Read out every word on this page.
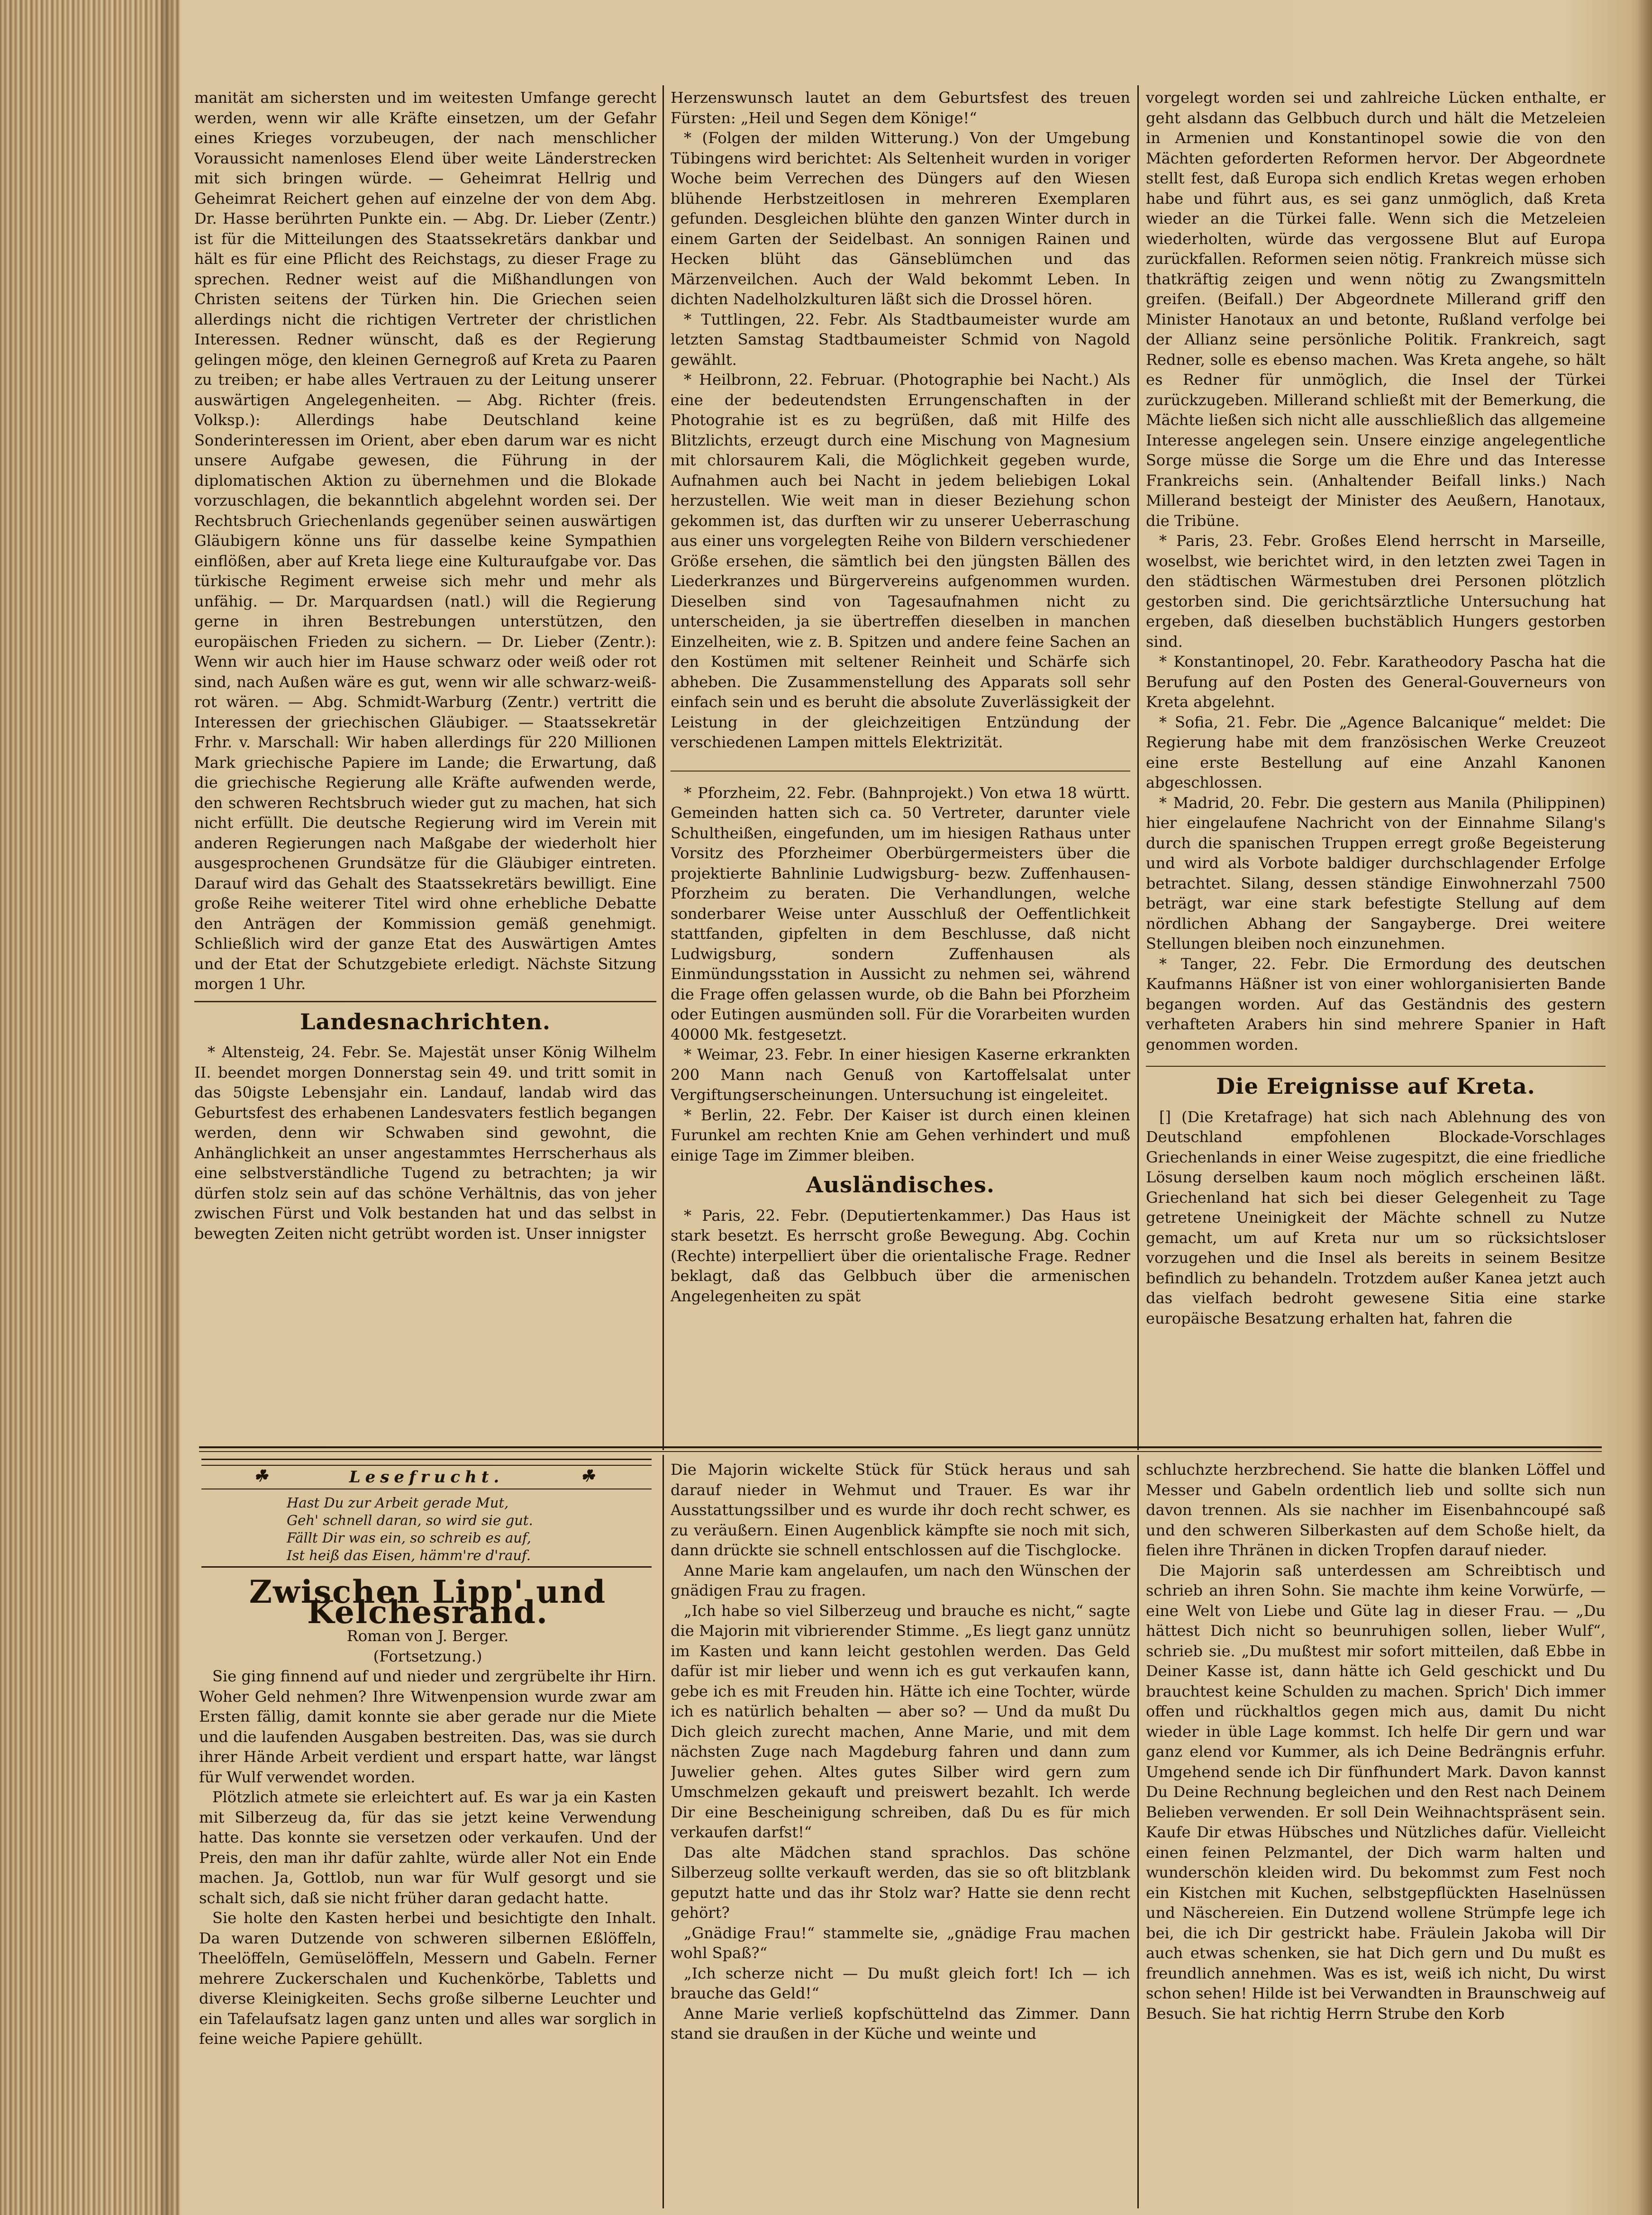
manität am sichersten und im weitesten Umfange gerecht werden, wenn wir alle Kräfte einsetzen, um der Gefahr eines Krieges vorzubeugen, der nach menschlicher Voraussicht namenloses Elend über weite Länderstrecken mit sich bringen würde. — Geheimrat Hellrig und Geheimrat Reichert gehen auf einzelne der von dem Abg. Dr. Hasse berührten Punkte ein. — Abg. Dr. Lieber (Zentr.) ist für die Mitteilungen des Staatssekretärs dankbar und hält es für eine Pflicht des Reichstags, zu dieser Frage zu sprechen. Redner weist auf die Mißhandlungen von Christen seitens der Türken hin. Die Griechen seien allerdings nicht die richtigen Vertreter der christlichen Interessen. Redner wünscht, daß es der Regierung gelingen möge, den kleinen Gernegroß auf Kreta zu Paaren zu treiben; er habe alles Vertrauen zu der Leitung unserer auswärtigen Angelegenheiten. — Abg. Richter (freis. Volksp.): Allerdings habe Deutschland keine Sonderinteressen im Orient, aber eben darum war es nicht unsere Aufgabe gewesen, die Führung in der diplomatischen Aktion zu übernehmen und die Blokade vorzuschlagen, die bekanntlich abgelehnt worden sei. Der Rechtsbruch Griechenlands gegenüber seinen auswärtigen Gläubigern könne uns für dasselbe keine Sympathien einflößen, aber auf Kreta liege eine Kulturaufgabe vor. Das türkische Regiment erweise sich mehr und mehr als unfähig. — Dr. Marquardsen (natl.) will die Regierung gerne in ihren Bestrebungen unterstützen, den europäischen Frieden zu sichern. — Dr. Lieber (Zentr.): Wenn wir auch hier im Hause schwarz oder weiß oder rot sind, nach Außen wäre es gut, wenn wir alle schwarz-weiß-rot wären. — Abg. Schmidt-Warburg (Zentr.) vertritt die Interessen der griechischen Gläubiger. — Staatssekretär Frhr. v. Marschall: Wir haben allerdings für 220 Millionen Mark griechische Papiere im Lande; die Erwartung, daß die griechische Regierung alle Kräfte aufwenden werde, den schweren Rechtsbruch wieder gut zu machen, hat sich nicht erfüllt. Die deutsche Regierung wird im Verein mit anderen Regierungen nach Maßgabe der wiederholt hier ausgesprochenen Grundsätze für die Gläubiger eintreten. Darauf wird das Gehalt des Staatssekretärs bewilligt. Eine große Reihe weiterer Titel wird ohne erhebliche Debatte den Anträgen der Kommission gemäß genehmigt. Schließlich wird der ganze Etat des Auswärtigen Amtes und der Etat der Schutzgebiete erledigt. Nächste Sitzung morgen 1 Uhr.

Landesnachrichten.

* Altensteig, 24. Febr. Se. Majestät unser König Wilhelm II. beendet morgen Donnerstag sein 49. und tritt somit in das 50igste Lebensjahr ein. Landauf, landab wird das Geburtsfest des erhabenen Landesvaters festlich begangen werden, denn wir Schwaben sind gewohnt, die Anhänglichkeit an unser angestammtes Herrscherhaus als eine selbstverständliche Tugend zu betrachten; ja wir dürfen stolz sein auf das schöne Verhältnis, das von jeher zwischen Fürst und Volk bestanden hat und das selbst in bewegten Zeiten nicht getrübt worden ist. Unser innigster

Herzenswunsch lautet an dem Geburtsfest des treuen Fürsten: „Heil und Segen dem Könige!“

* (Folgen der milden Witterung.) Von der Umgebung Tübingens wird berichtet: Als Seltenheit wurden in voriger Woche beim Verrechen des Düngers auf den Wiesen blühende Herbstzeitlosen in mehreren Exemplaren gefunden. Desgleichen blühte den ganzen Winter durch in einem Garten der Seidelbast. An sonnigen Rainen und Hecken blüht das Gänseblümchen und das Märzenveilchen. Auch der Wald bekommt Leben. In dichten Nadelholzkulturen läßt sich die Drossel hören.

* Tuttlingen, 22. Febr. Als Stadtbaumeister wurde am letzten Samstag Stadtbaumeister Schmid von Nagold gewählt.

* Heilbronn, 22. Februar. (Photographie bei Nacht.) Als eine der bedeutendsten Errungenschaften in der Photograhie ist es zu begrüßen, daß mit Hilfe des Blitzlichts, erzeugt durch eine Mischung von Magnesium mit chlorsaurem Kali, die Möglichkeit gegeben wurde, Aufnahmen auch bei Nacht in jedem beliebigen Lokal herzustellen. Wie weit man in dieser Beziehung schon gekommen ist, das durften wir zu unserer Ueberraschung aus einer uns vorgelegten Reihe von Bildern verschiedener Größe ersehen, die sämtlich bei den jüngsten Bällen des Liederkranzes und Bürgervereins aufgenommen wurden. Dieselben sind von Tagesaufnahmen nicht zu unterscheiden, ja sie übertreffen dieselben in manchen Einzelheiten, wie z. B. Spitzen und andere feine Sachen an den Kostümen mit seltener Reinheit und Schärfe sich abheben. Die Zusammenstellung des Apparats soll sehr einfach sein und es beruht die absolute Zuverlässigkeit der Leistung in der gleichzeitigen Entzündung der verschiedenen Lampen mittels Elektrizität.

* Pforzheim, 22. Febr. (Bahnprojekt.) Von etwa 18 württ. Gemeinden hatten sich ca. 50 Vertreter, darunter viele Schultheißen, eingefunden, um im hiesigen Rathaus unter Vorsitz des Pforzheimer Oberbürgermeisters über die projektierte Bahnlinie Ludwigsburg- bezw. Zuffenhausen-Pforzheim zu beraten. Die Verhandlungen, welche sonderbarer Weise unter Ausschluß der Oeffentlichkeit stattfanden, gipfelten in dem Beschlusse, daß nicht Ludwigsburg, sondern Zuffenhausen als Einmündungsstation in Aussicht zu nehmen sei, während die Frage offen gelassen wurde, ob die Bahn bei Pforzheim oder Eutingen ausmünden soll. Für die Vorarbeiten wurden 40000 Mk. festgesetzt.

* Weimar, 23. Febr. In einer hiesigen Kaserne erkrankten 200 Mann nach Genuß von Kartoffelsalat unter Vergiftungserscheinungen. Untersuchung ist eingeleitet.

* Berlin, 22. Febr. Der Kaiser ist durch einen kleinen Furunkel am rechten Knie am Gehen verhindert und muß einige Tage im Zimmer bleiben.

Ausländisches.

* Paris, 22. Febr. (Deputiertenkammer.) Das Haus ist stark besetzt. Es herrscht große Bewegung. Abg. Cochin (Rechte) interpelliert über die orientalische Frage. Redner beklagt, daß das Gelbbuch über die armenischen Angelegenheiten zu spät

vorgelegt worden sei und zahlreiche Lücken enthalte, er geht alsdann das Gelbbuch durch und hält die Metzeleien in Armenien und Konstantinopel sowie die von den Mächten geforderten Reformen hervor. Der Abgeordnete stellt fest, daß Europa sich endlich Kretas wegen erhoben habe und führt aus, es sei ganz unmöglich, daß Kreta wieder an die Türkei falle. Wenn sich die Metzeleien wiederholten, würde das vergossene Blut auf Europa zurückfallen. Reformen seien nötig. Frankreich müsse sich thatkräftig zeigen und wenn nötig zu Zwangsmitteln greifen. (Beifall.) Der Abgeordnete Millerand griff den Minister Hanotaux an und betonte, Rußland verfolge bei der Allianz seine persönliche Politik. Frankreich, sagt Redner, solle es ebenso machen. Was Kreta angehe, so hält es Redner für unmöglich, die Insel der Türkei zurückzugeben. Millerand schließt mit der Bemerkung, die Mächte ließen sich nicht alle ausschließlich das allgemeine Interesse angelegen sein. Unsere einzige angelegentliche Sorge müsse die Sorge um die Ehre und das Interesse Frankreichs sein. (Anhaltender Beifall links.) Nach Millerand besteigt der Minister des Aeußern, Hanotaux, die Tribüne.

* Paris, 23. Febr. Großes Elend herrscht in Marseille, woselbst, wie berichtet wird, in den letzten zwei Tagen in den städtischen Wärmestuben drei Personen plötzlich gestorben sind. Die gerichtsärztliche Untersuchung hat ergeben, daß dieselben buchstäblich Hungers gestorben sind.

* Konstantinopel, 20. Febr. Karatheodory Pascha hat die Berufung auf den Posten des General-Gouverneurs von Kreta abgelehnt.

* Sofia, 21. Febr. Die „Agence Balcanique“ meldet: Die Regierung habe mit dem französischen Werke Creuzeot eine erste Bestellung auf eine Anzahl Kanonen abgeschlossen.

* Madrid, 20. Febr. Die gestern aus Manila (Philippinen) hier eingelaufene Nachricht von der Einnahme Silang's durch die spanischen Truppen erregt große Begeisterung und wird als Vorbote baldiger durchschlagender Erfolge betrachtet. Silang, dessen ständige Einwohnerzahl 7500 beträgt, war eine stark befestigte Stellung auf dem nördlichen Abhang der Sangayberge. Drei weitere Stellungen bleiben noch einzunehmen.

* Tanger, 22. Febr. Die Ermordung des deutschen Kaufmanns Häßner ist von einer wohlorganisierten Bande begangen worden. Auf das Geständnis des gestern verhafteten Arabers hin sind mehrere Spanier in Haft genommen worden.

Die Ereignisse auf Kreta.

[] (Die Kretafrage) hat sich nach Ablehnung des von Deutschland empfohlenen Blockade-Vorschlages Griechenlands in einer Weise zugespitzt, die eine friedliche Lösung derselben kaum noch möglich erscheinen läßt. Griechenland hat sich bei dieser Gelegenheit zu Tage getretene Uneinigkeit der Mächte schnell zu Nutze gemacht, um auf Kreta nur um so rücksichtsloser vorzugehen und die Insel als bereits in seinem Besitze befindlich zu behandeln. Trotzdem außer Kanea jetzt auch das vielfach bedroht gewesene Sitia eine starke europäische Besatzung erhalten hat, fahren die

☘	Lesefrucht.	☘
Hast Du zur Arbeit gerade Mut,
Geh' schnell daran, so wird sie gut.
Fällt Dir was ein, so schreib es auf,
Ist heiß das Eisen, hämm're d'rauf.
Zwischen Lipp' und Kelchesrand.

Roman von J. Berger.

(Fortsetzung.)

Sie ging finnend auf und nieder und zergrübelte ihr Hirn. Woher Geld nehmen? Ihre Witwenpension wurde zwar am Ersten fällig, damit konnte sie aber gerade nur die Miete und die laufenden Ausgaben bestreiten. Das, was sie durch ihrer Hände Arbeit verdient und erspart hatte, war längst für Wulf verwendet worden.

Plötzlich atmete sie erleichtert auf. Es war ja ein Kasten mit Silberzeug da, für das sie jetzt keine Verwendung hatte. Das konnte sie versetzen oder verkaufen. Und der Preis, den man ihr dafür zahlte, würde aller Not ein Ende machen. Ja, Gottlob, nun war für Wulf gesorgt und sie schalt sich, daß sie nicht früher daran gedacht hatte.

Sie holte den Kasten herbei und besichtigte den Inhalt. Da waren Dutzende von schweren silbernen Eßlöffeln, Theelöffeln, Gemüselöffeln, Messern und Gabeln. Ferner mehrere Zuckerschalen und Kuchenkörbe, Tabletts und diverse Kleinigkeiten. Sechs große silberne Leuchter und ein Tafelaufsatz lagen ganz unten und alles war sorglich in feine weiche Papiere gehüllt.

Die Majorin wickelte Stück für Stück heraus und sah darauf nieder in Wehmut und Trauer. Es war ihr Ausstattungssilber und es wurde ihr doch recht schwer, es zu veräußern. Einen Augenblick kämpfte sie noch mit sich, dann drückte sie schnell entschlossen auf die Tischglocke.

Anne Marie kam angelaufen, um nach den Wünschen der gnädigen Frau zu fragen.

„Ich habe so viel Silberzeug und brauche es nicht,“ sagte die Majorin mit vibrierender Stimme. „Es liegt ganz unnütz im Kasten und kann leicht gestohlen werden. Das Geld dafür ist mir lieber und wenn ich es gut verkaufen kann, gebe ich es mit Freuden hin. Hätte ich eine Tochter, würde ich es natürlich behalten — aber so? — Und da mußt Du Dich gleich zurecht machen, Anne Marie, und mit dem nächsten Zuge nach Magdeburg fahren und dann zum Juwelier gehen. Altes gutes Silber wird gern zum Umschmelzen gekauft und preiswert bezahlt. Ich werde Dir eine Bescheinigung schreiben, daß Du es für mich verkaufen darfst!“

Das alte Mädchen stand sprachlos. Das schöne Silberzeug sollte verkauft werden, das sie so oft blitzblank geputzt hatte und das ihr Stolz war? Hatte sie denn recht gehört?

„Gnädige Frau!“ stammelte sie, „gnädige Frau machen wohl Spaß?“

„Ich scherze nicht — Du mußt gleich fort! Ich — ich brauche das Geld!“

Anne Marie verließ kopfschüttelnd das Zimmer. Dann stand sie draußen in der Küche und weinte und

schluchzte herzbrechend. Sie hatte die blanken Löffel und Messer und Gabeln ordentlich lieb und sollte sich nun davon trennen. Als sie nachher im Eisenbahncoupé saß und den schweren Silberkasten auf dem Schoße hielt, da fielen ihre Thränen in dicken Tropfen darauf nieder.

Die Majorin saß unterdessen am Schreibtisch und schrieb an ihren Sohn. Sie machte ihm keine Vorwürfe, — eine Welt von Liebe und Güte lag in dieser Frau. — „Du hättest Dich nicht so beunruhigen sollen, lieber Wulf“, schrieb sie. „Du mußtest mir sofort mitteilen, daß Ebbe in Deiner Kasse ist, dann hätte ich Geld geschickt und Du brauchtest keine Schulden zu machen. Sprich' Dich immer offen und rückhaltlos gegen mich aus, damit Du nicht wieder in üble Lage kommst. Ich helfe Dir gern und war ganz elend vor Kummer, als ich Deine Bedrängnis erfuhr. Umgehend sende ich Dir fünfhundert Mark. Davon kannst Du Deine Rechnung begleichen und den Rest nach Deinem Belieben verwenden. Er soll Dein Weihnachtspräsent sein. Kaufe Dir etwas Hübsches und Nützliches dafür. Vielleicht einen feinen Pelzmantel, der Dich warm halten und wunderschön kleiden wird. Du bekommst zum Fest noch ein Kistchen mit Kuchen, selbstgepflückten Haselnüssen und Näschereien. Ein Dutzend wollene Strümpfe lege ich bei, die ich Dir gestrickt habe. Fräulein Jakoba will Dir auch etwas schenken, sie hat Dich gern und Du mußt es freundlich annehmen. Was es ist, weiß ich nicht, Du wirst schon sehen! Hilde ist bei Verwandten in Braunschweig auf Besuch. Sie hat richtig Herrn Strube den Korb
